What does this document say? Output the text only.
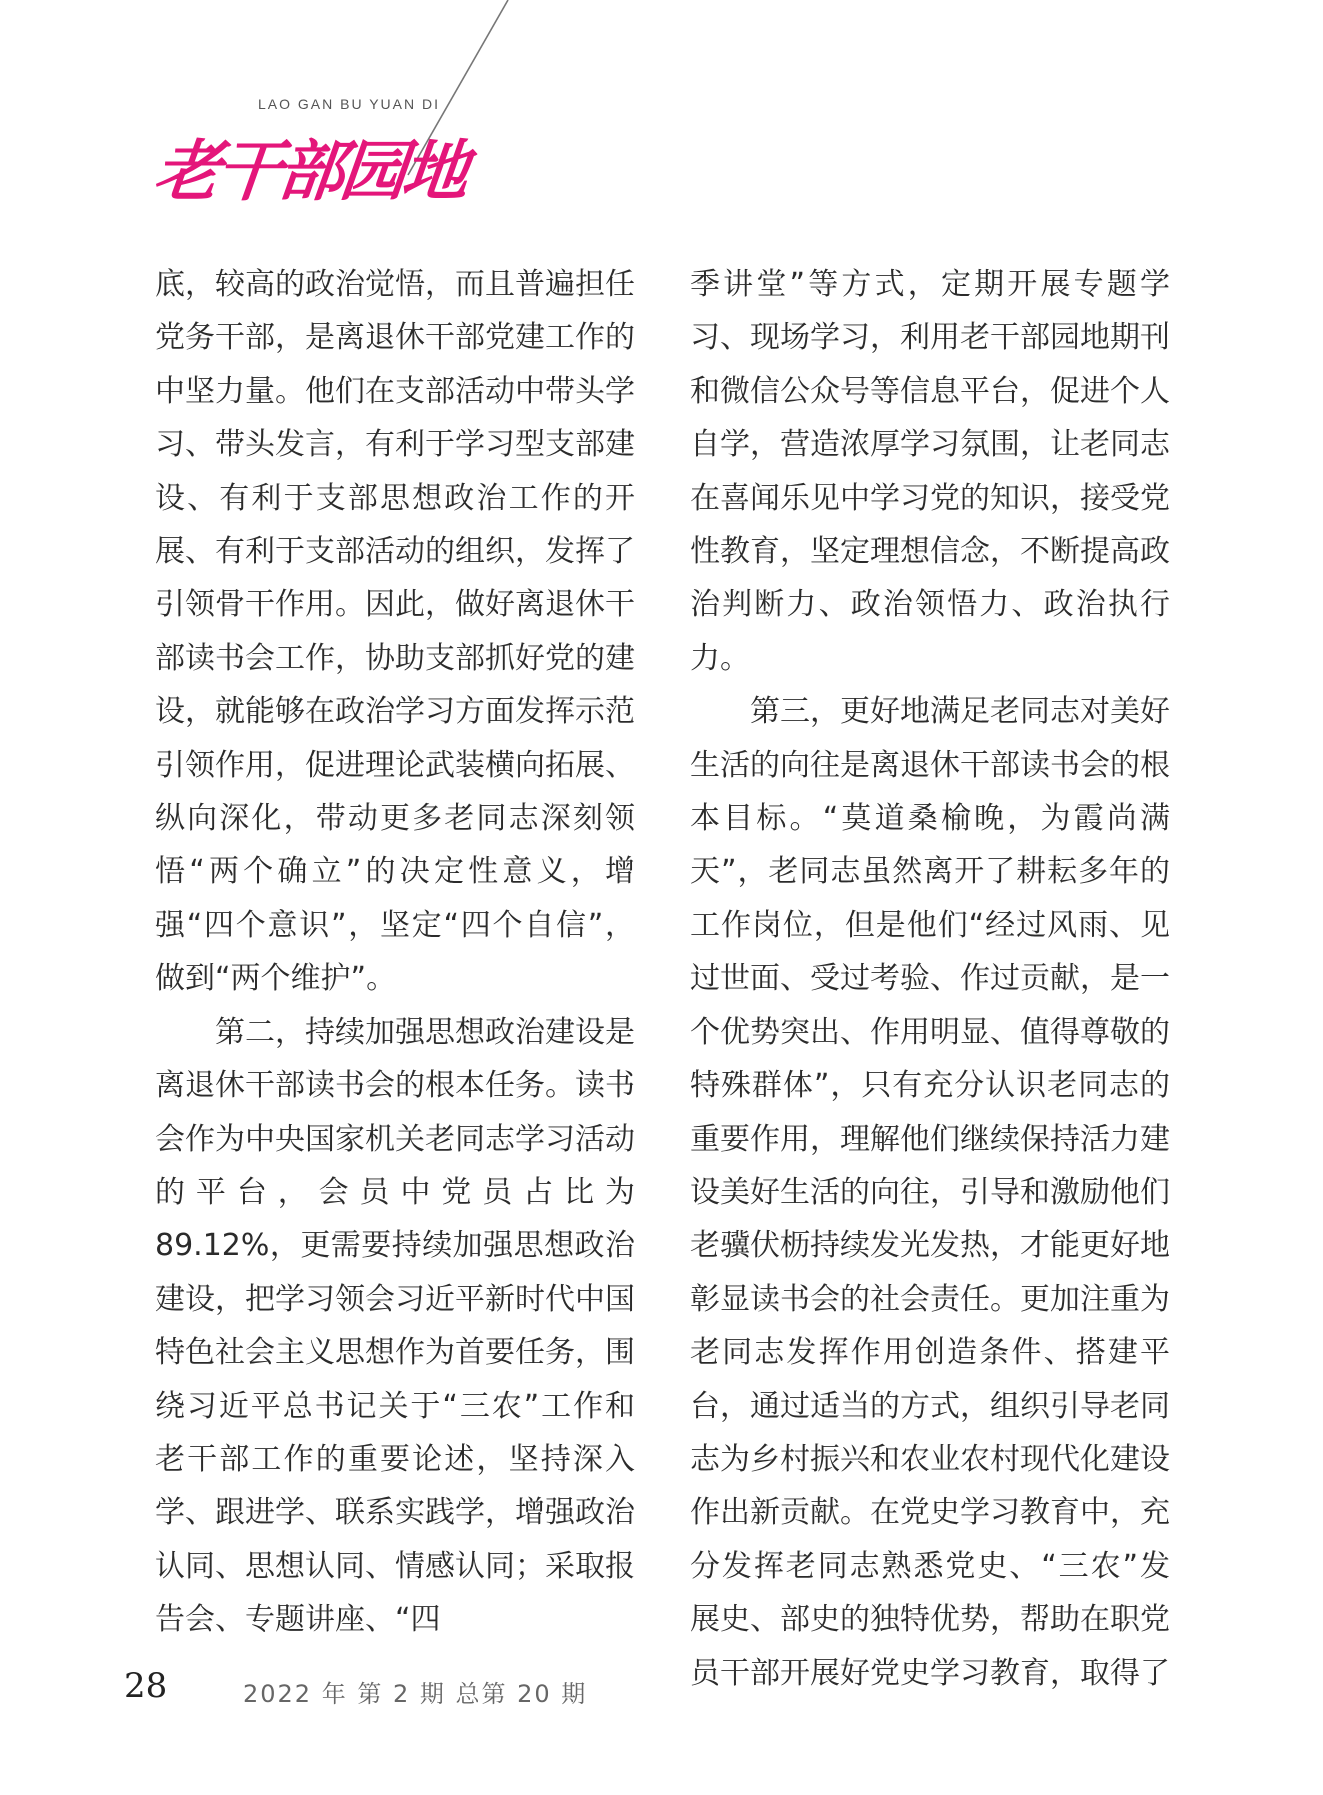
LAO GAN BU YUAN DI
老干部园地

底，较高的政治觉悟，而且普遍担任党务干部，是离退休干部党建工作的中坚力量。他们在支部活动中带头学习、带头发言，有利于学习型支部建设、有利于支部思想政治工作的开展、有利于支部活动的组织，发挥了引领骨干作用。因此，做好离退休干部读书会工作，协助支部抓好党的建设，就能够在政治学习方面发挥示范引领作用，促进理论武装横向拓展、纵向深化，带动更多老同志深刻领悟“两个确立”的决定性意义，增强“四个意识”，坚定“四个自信”，做到“两个维护”。

第二，持续加强思想政治建设是离退休干部读书会的根本任务。读书会作为中央国家机关老同志学习活动的平台，会员中党员占比为89.12%，更需要持续加强思想政治建设，把学习领会习近平新时代中国特色社会主义思想作为首要任务，围绕习近平总书记关于“三农”工作和老干部工作的重要论述，坚持深入学、跟进学、联系实践学，增强政治认同、思想认同、情感认同；采取报告会、专题讲座、“四

季讲堂”等方式，定期开展专题学习、现场学习，利用老干部园地期刊和微信公众号等信息平台，促进个人自学，营造浓厚学习氛围，让老同志在喜闻乐见中学习党的知识，接受党性教育，坚定理想信念，不断提高政治判断力、政治领悟力、政治执行力。

第三，更好地满足老同志对美好生活的向往是离退休干部读书会的根本目标。“莫道桑榆晚，为霞尚满天”，老同志虽然离开了耕耘多年的工作岗位，但是他们“经过风雨、见过世面、受过考验、作过贡献，是一个优势突出、作用明显、值得尊敬的特殊群体”，只有充分认识老同志的重要作用，理解他们继续保持活力建设美好生活的向往，引导和激励他们老骥伏枥持续发光发热，才能更好地彰显读书会的社会责任。更加注重为老同志发挥作用创造条件、搭建平台，通过适当的方式，组织引导老同志为乡村振兴和农业农村现代化建设作出新贡献。在党史学习教育中，充分发挥老同志熟悉党史、“三农”发展史、部史的独特优势，帮助在职党员干部开展好党史学习教育，取得了

28	2022 年 第 2 期 总第 20 期
